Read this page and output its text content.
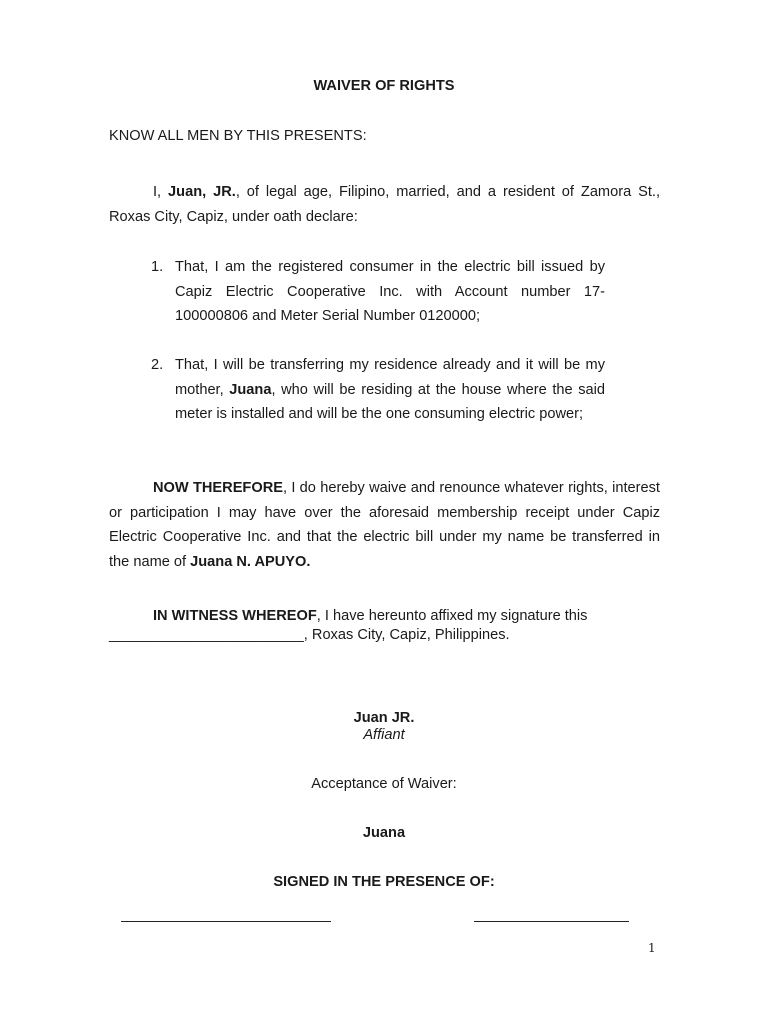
WAIVER OF RIGHTS
KNOW ALL MEN BY THIS PRESENTS:
I, Juan, JR., of legal age, Filipino, married, and a resident of Zamora St., Roxas City, Capiz, under oath declare:
1. That, I am the registered consumer in the electric bill issued by Capiz Electric Cooperative Inc. with Account number 17-100000806 and Meter Serial Number 0120000;
2. That, I will be transferring my residence already and it will be my mother, Juana, who will be residing at the house where the said meter is installed and will be the one consuming electric power;
NOW THEREFORE, I do hereby waive and renounce whatever rights, interest or participation I may have over the aforesaid membership receipt under Capiz Electric Cooperative Inc. and that the electric bill under my name be transferred in the name of Juana N. APUYO.
IN WITNESS WHEREOF, I have hereunto affixed my signature this
________________________, Roxas City, Capiz, Philippines.
Juan JR.
Affiant
Acceptance of Waiver:
Juana
SIGNED IN THE PRESENCE OF:
1
